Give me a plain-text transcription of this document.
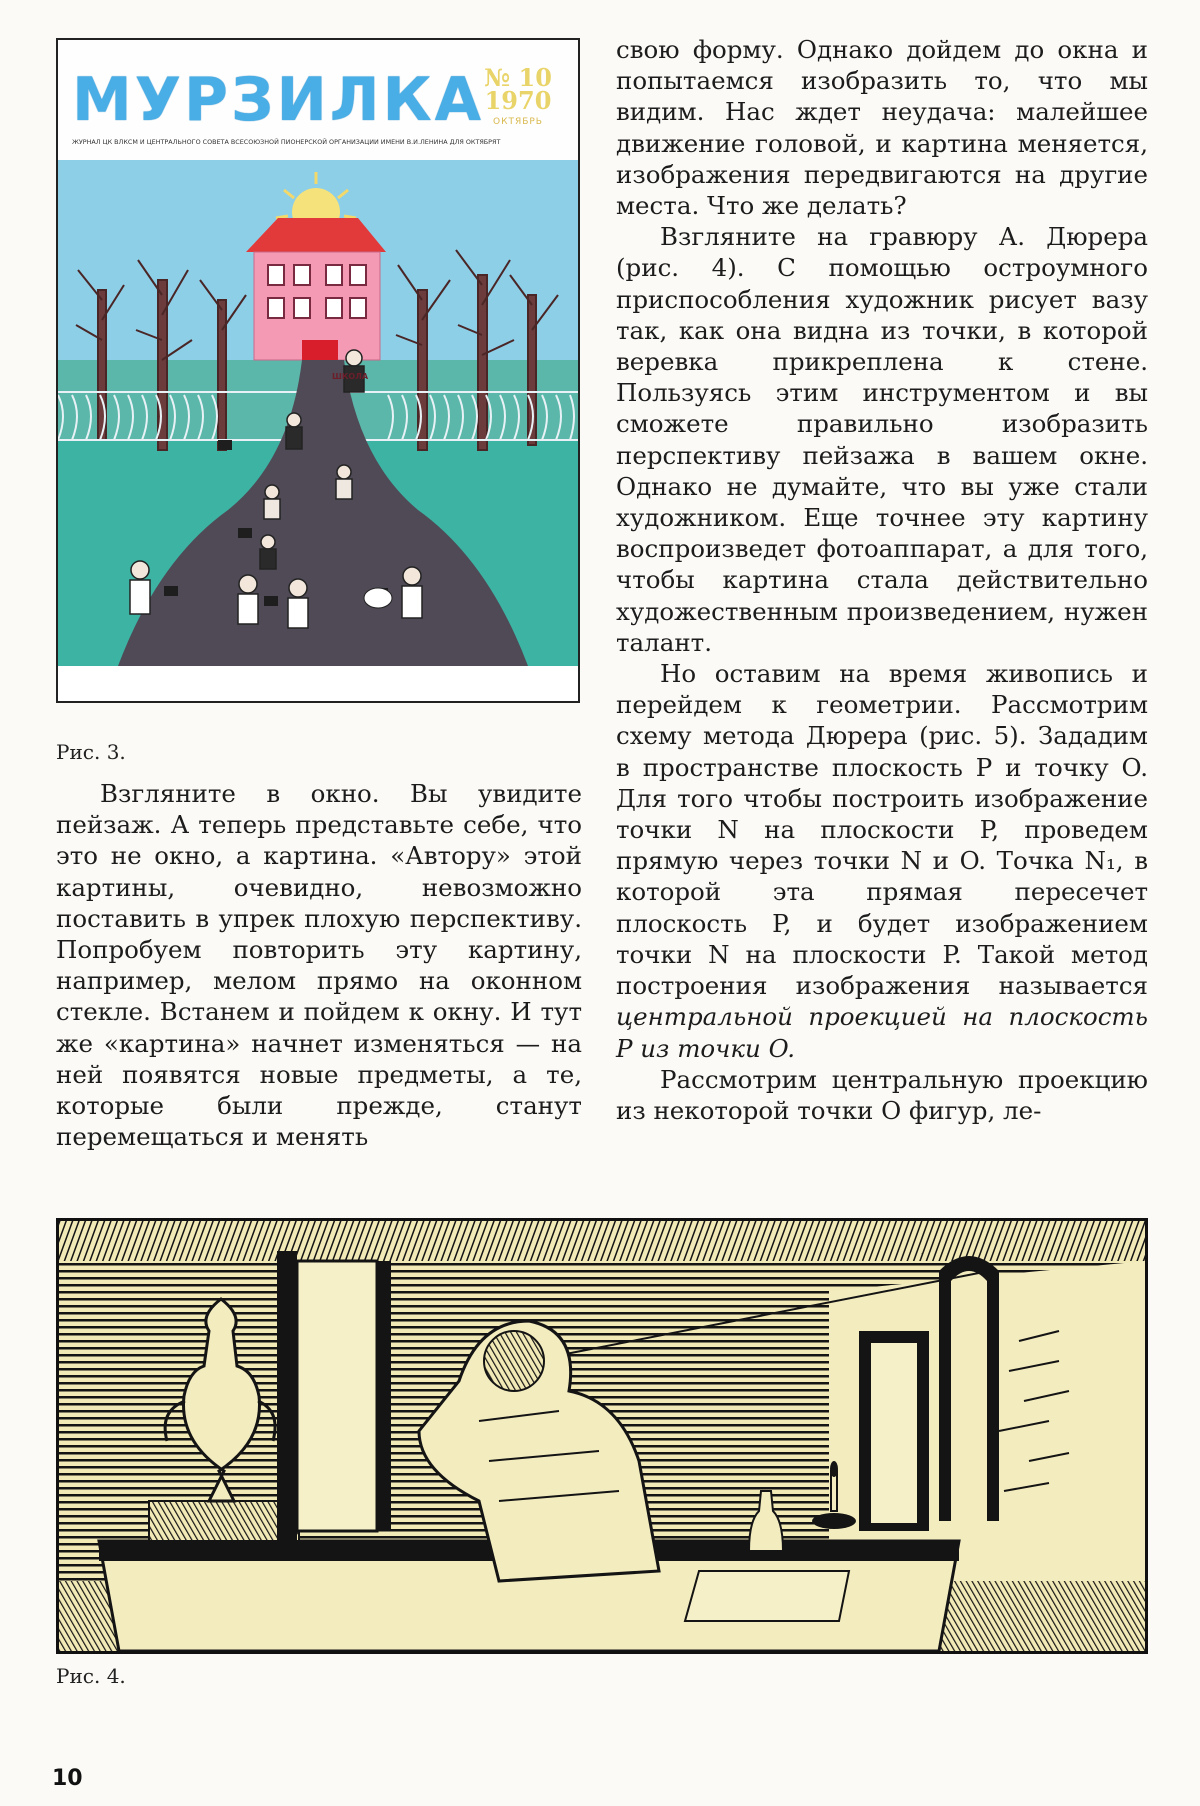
МУРЗИЛКА № 10
1970
ОКТЯБРЬ
ЖУРНАЛ ЦК ВЛКСМ И ЦЕНТРАЛЬНОГО СОВЕТА ВСЕСОЮЗНОЙ ПИОНЕРСКОЙ ОРГАНИЗАЦИИ ИМЕНИ В.И.ЛЕНИНА ДЛЯ ОКТЯБРЯТ
ШКОЛА
Рис. 3.

Взгляните в окно. Вы увидите пейзаж. А теперь представьте себе, что это не окно, а картина. «Автору» этой картины, очевидно, невозможно поставить в упрек плохую перспективу. Попробуем повторить эту картину, например, мелом прямо на оконном стекле. Встанем и пойдем к окну. И тут же «картина» начнет изменяться — на ней появятся новые предметы, а те, которые были прежде, станут перемещаться и менять

свою форму. Однако дойдем до окна и попытаемся изобразить то, что мы видим. Нас ждет неудача: малейшее движение головой, и картина меняется, изображения передвигаются на другие места. Что же делать?

Взгляните на гравюру А. Дюрера (рис. 4). С помощью остроумного приспособления художник рисует вазу так, как она видна из точки, в которой веревка прикреплена к стене. Пользуясь этим инструментом и вы сможете правильно изобразить перспективу пейзажа в вашем окне. Однако не думайте, что вы уже стали художником. Еще точнее эту картину воспроизведет фотоаппарат, а для того, чтобы картина стала действительно художественным произведением, нужен талант.

Но оставим на время живопись и перейдем к геометрии. Рассмотрим схему метода Дюрера (рис. 5). Зададим в пространстве плоскость P и точку O. Для того чтобы построить изображение точки N на плоскости P, проведем прямую через точки N и O. Точка N₁, в которой эта прямая пересечет плоскость P, и будет изображением точки N на плоскости P. Такой метод построения изображения называется центральной проекцией на плоскость P из точки O.

Рассмотрим центральную проекцию из некоторой точки O фигур, ле-

Рис. 4.
10
